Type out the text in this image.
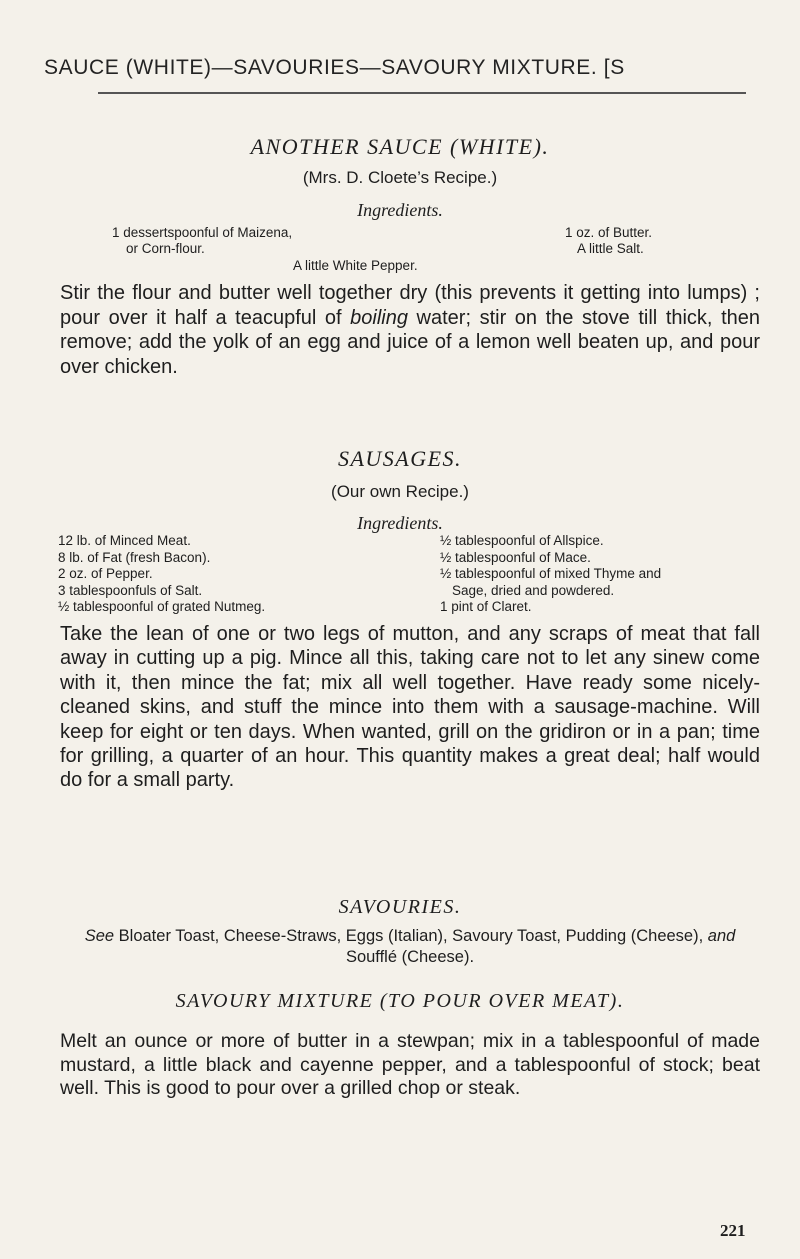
SAUCE (WHITE)—SAVOURIES—SAVOURY MIXTURE. [S
ANOTHER SAUCE (WHITE).
(Mrs. D. Cloete’s Recipe.)
Ingredients.
1 dessertspoonful of Maizena,
or Corn-flour.
1 oz. of Butter.
A little Salt.
A little White Pepper.
Stir the flour and butter well together dry (this prevents it getting into lumps) ; pour over it half a teacupful of boiling water; stir on the stove till thick, then remove; add the yolk of an egg and juice of a lemon well beaten up, and pour over chicken.
SAUSAGES.
(Our own Recipe.)
Ingredients.
12 lb. of Minced Meat.
8 lb. of Fat (fresh Bacon).
2 oz. of Pepper.
3 tablespoonfuls of Salt.
½ tablespoonful of grated Nutmeg.
½ tablespoonful of Allspice.
½ tablespoonful of Mace.
½ tablespoonful of mixed Thyme and
Sage, dried and powdered.
1 pint of Claret.
Take the lean of one or two legs of mutton, and any scraps of meat that fall away in cutting up a pig. Mince all this, taking care not to let any sinew come with it, then mince the fat; mix all well together. Have ready some nicely-cleaned skins, and stuff the mince into them with a sausage-machine. Will keep for eight or ten days. When wanted, grill on the gridiron or in a pan; time for grilling, a quarter of an hour. This quantity makes a great deal; half would do for a small party.
SAVOURIES.
See Bloater Toast, Cheese-Straws, Eggs (Italian), Savoury Toast, Pudding (Cheese), and Soufflé (Cheese).
SAVOURY MIXTURE (TO POUR OVER MEAT).
Melt an ounce or more of butter in a stewpan; mix in a tablespoonful of made mustard, a little black and cayenne pepper, and a tablespoonful of stock; beat well. This is good to pour over a grilled chop or steak.
221
